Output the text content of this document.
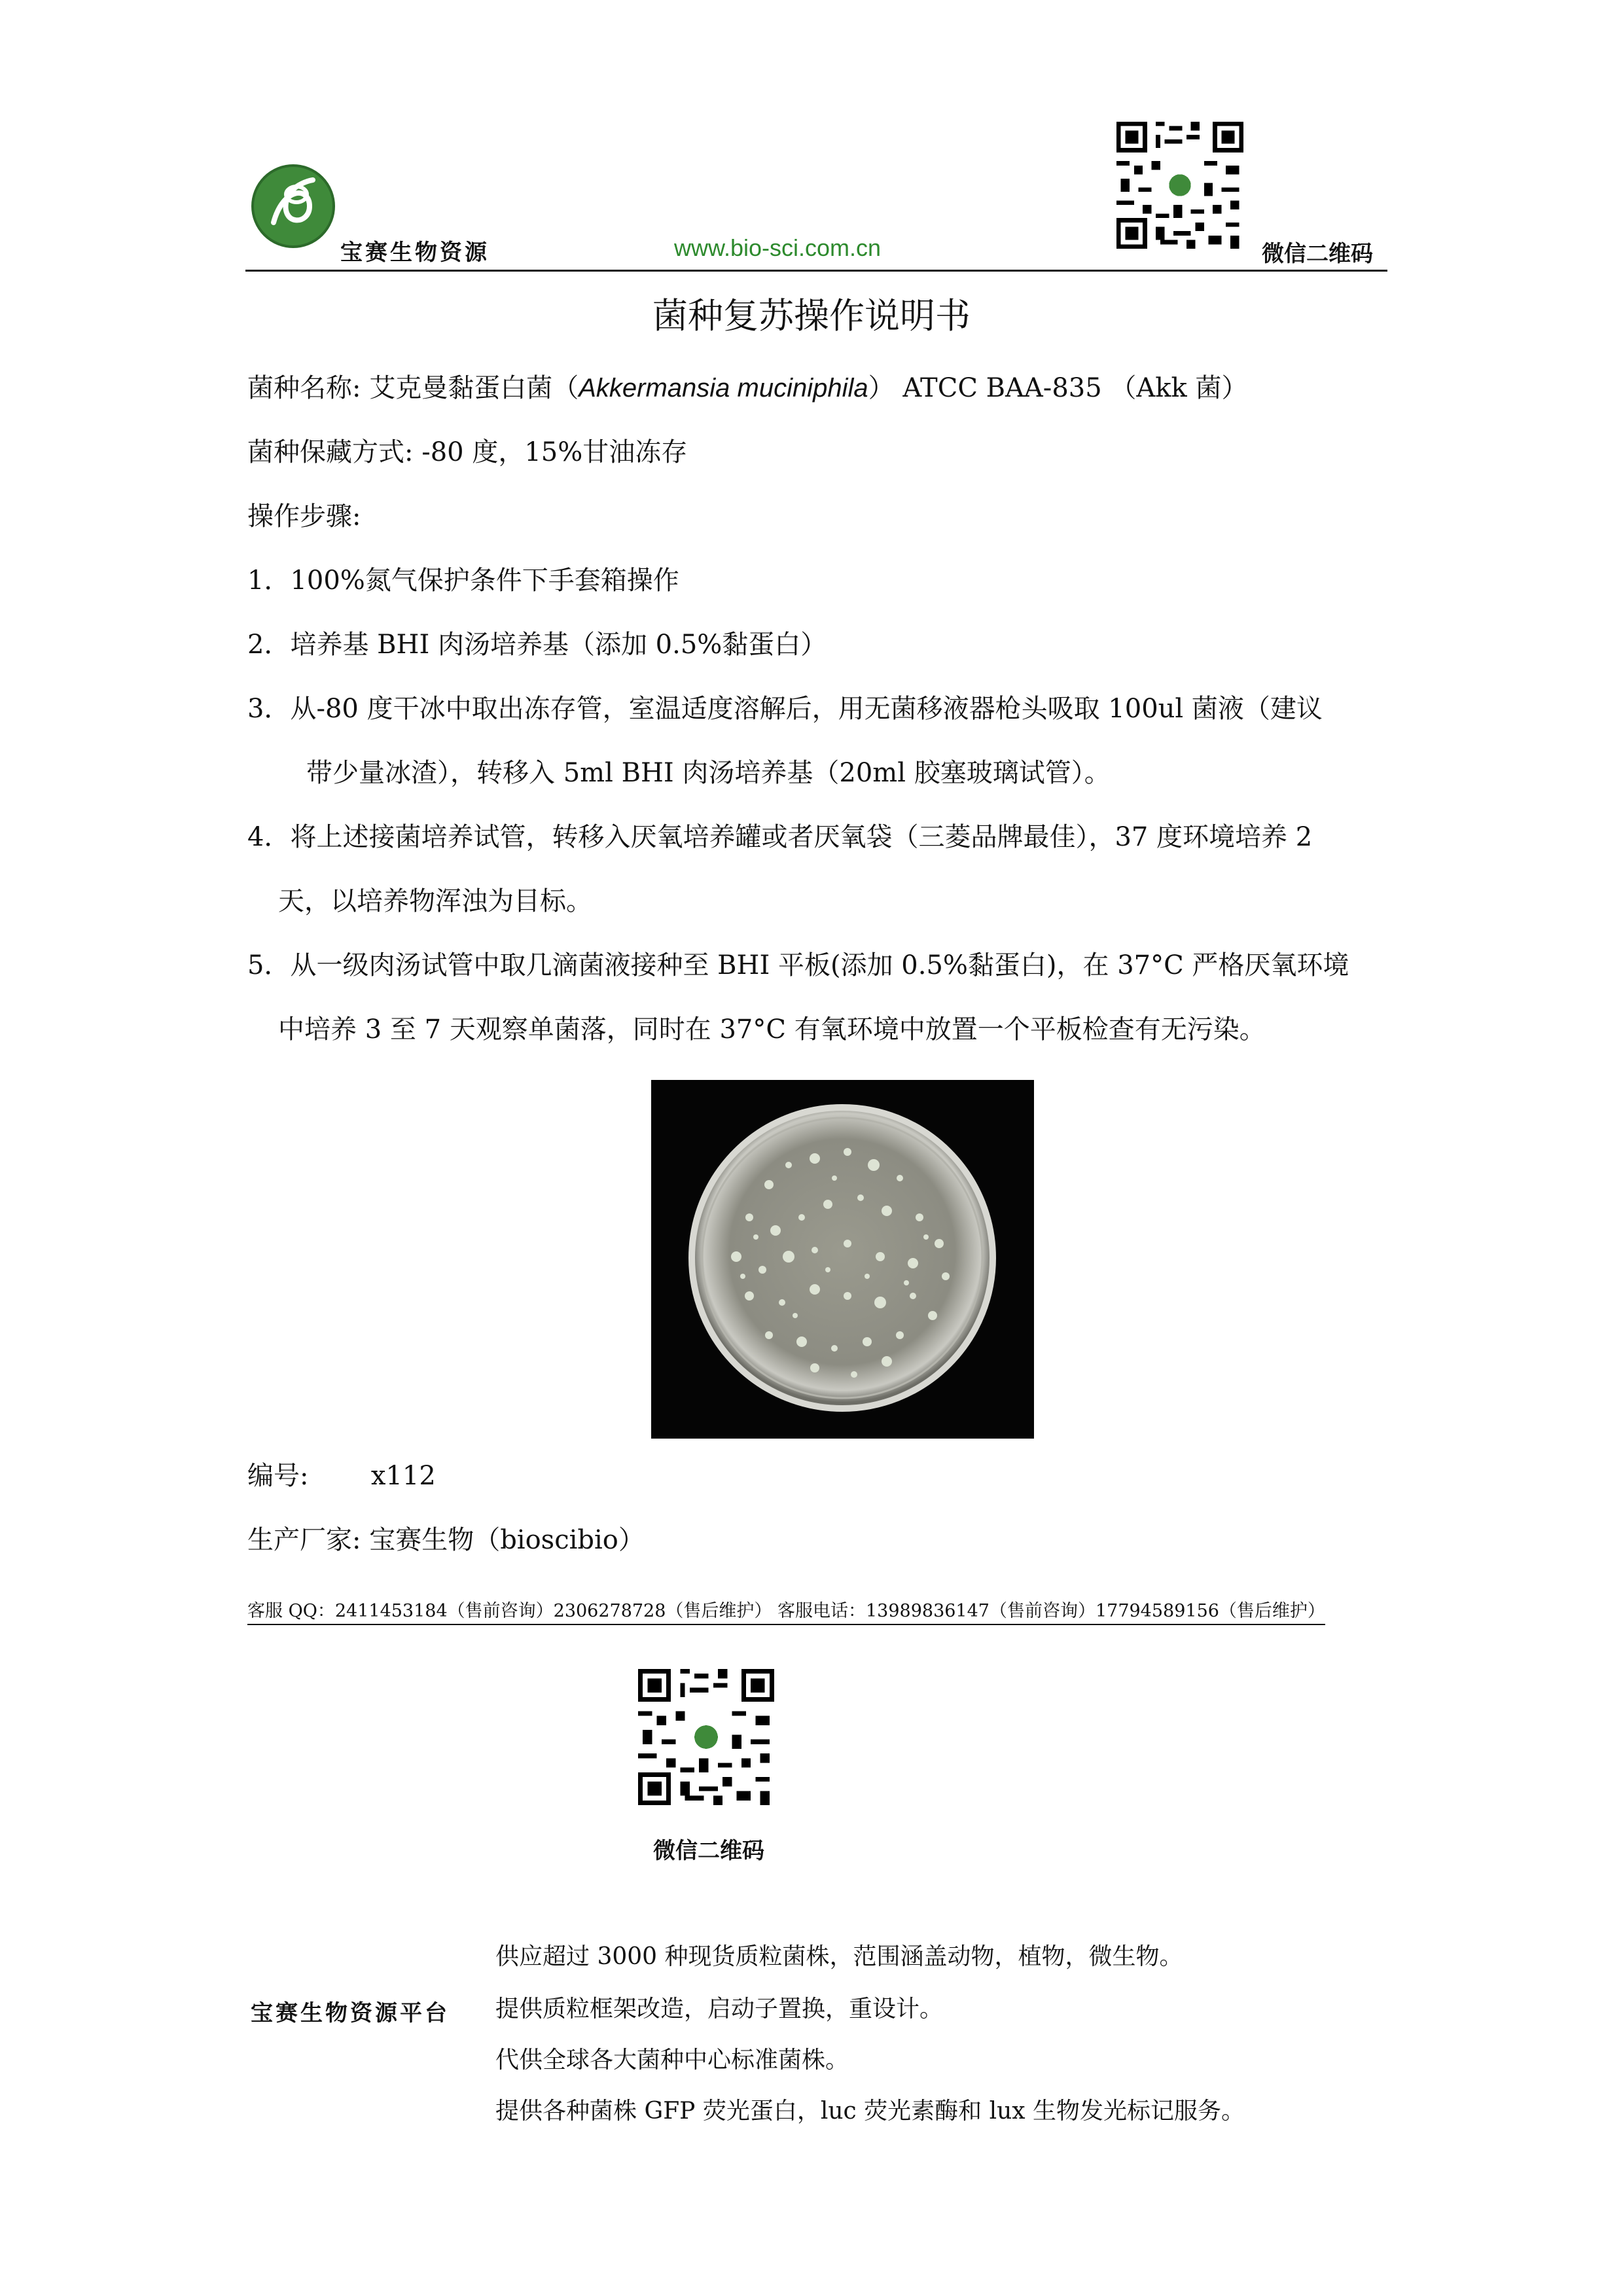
宝赛生物资源	www.bio-sci.com.cn	微信二维码
菌种复苏操作说明书
菌种名称: 艾克曼黏蛋白菌（Akkermansia muciniphila） ATCC BAA-835 （Akk 菌）
菌种保藏方式: -80 度，15%甘油冻存
操作步骤:
1．100%氮气保护条件下手套箱操作
2．培养基 BHI 肉汤培养基（添加 0.5%黏蛋白）
3．从-80 度干冰中取出冻存管，室温适度溶解后，用无菌移液器枪头吸取 100ul 菌液（建议
带少量冰渣），转移入 5ml BHI 肉汤培养基（20ml 胶塞玻璃试管）。
4．将上述接菌培养试管，转移入厌氧培养罐或者厌氧袋（三菱品牌最佳），37 度环境培养 2
天，以培养物浑浊为目标。
5．从一级肉汤试管中取几滴菌液接种至 BHI 平板(添加 0.5%黏蛋白)，在 37°C 严格厌氧环境
中培养 3 至 7 天观察单菌落，同时在 37°C 有氧环境中放置一个平板检查有无污染。
编号: x112
生产厂家: 宝赛生物（bioscibio）
客服 QQ：2411453184（售前咨询）2306278728（售后维护） 客服电话：13989836147（售前咨询）17794589156（售后维护）
微信二维码
宝赛生物资源平台
供应超过 3000 种现货质粒菌株，范围涵盖动物，植物，微生物。
提供质粒框架改造，启动子置换，重设计。
代供全球各大菌种中心标准菌株。
提供各种菌株 GFP 荧光蛋白，luc 荧光素酶和 lux 生物发光标记服务。
